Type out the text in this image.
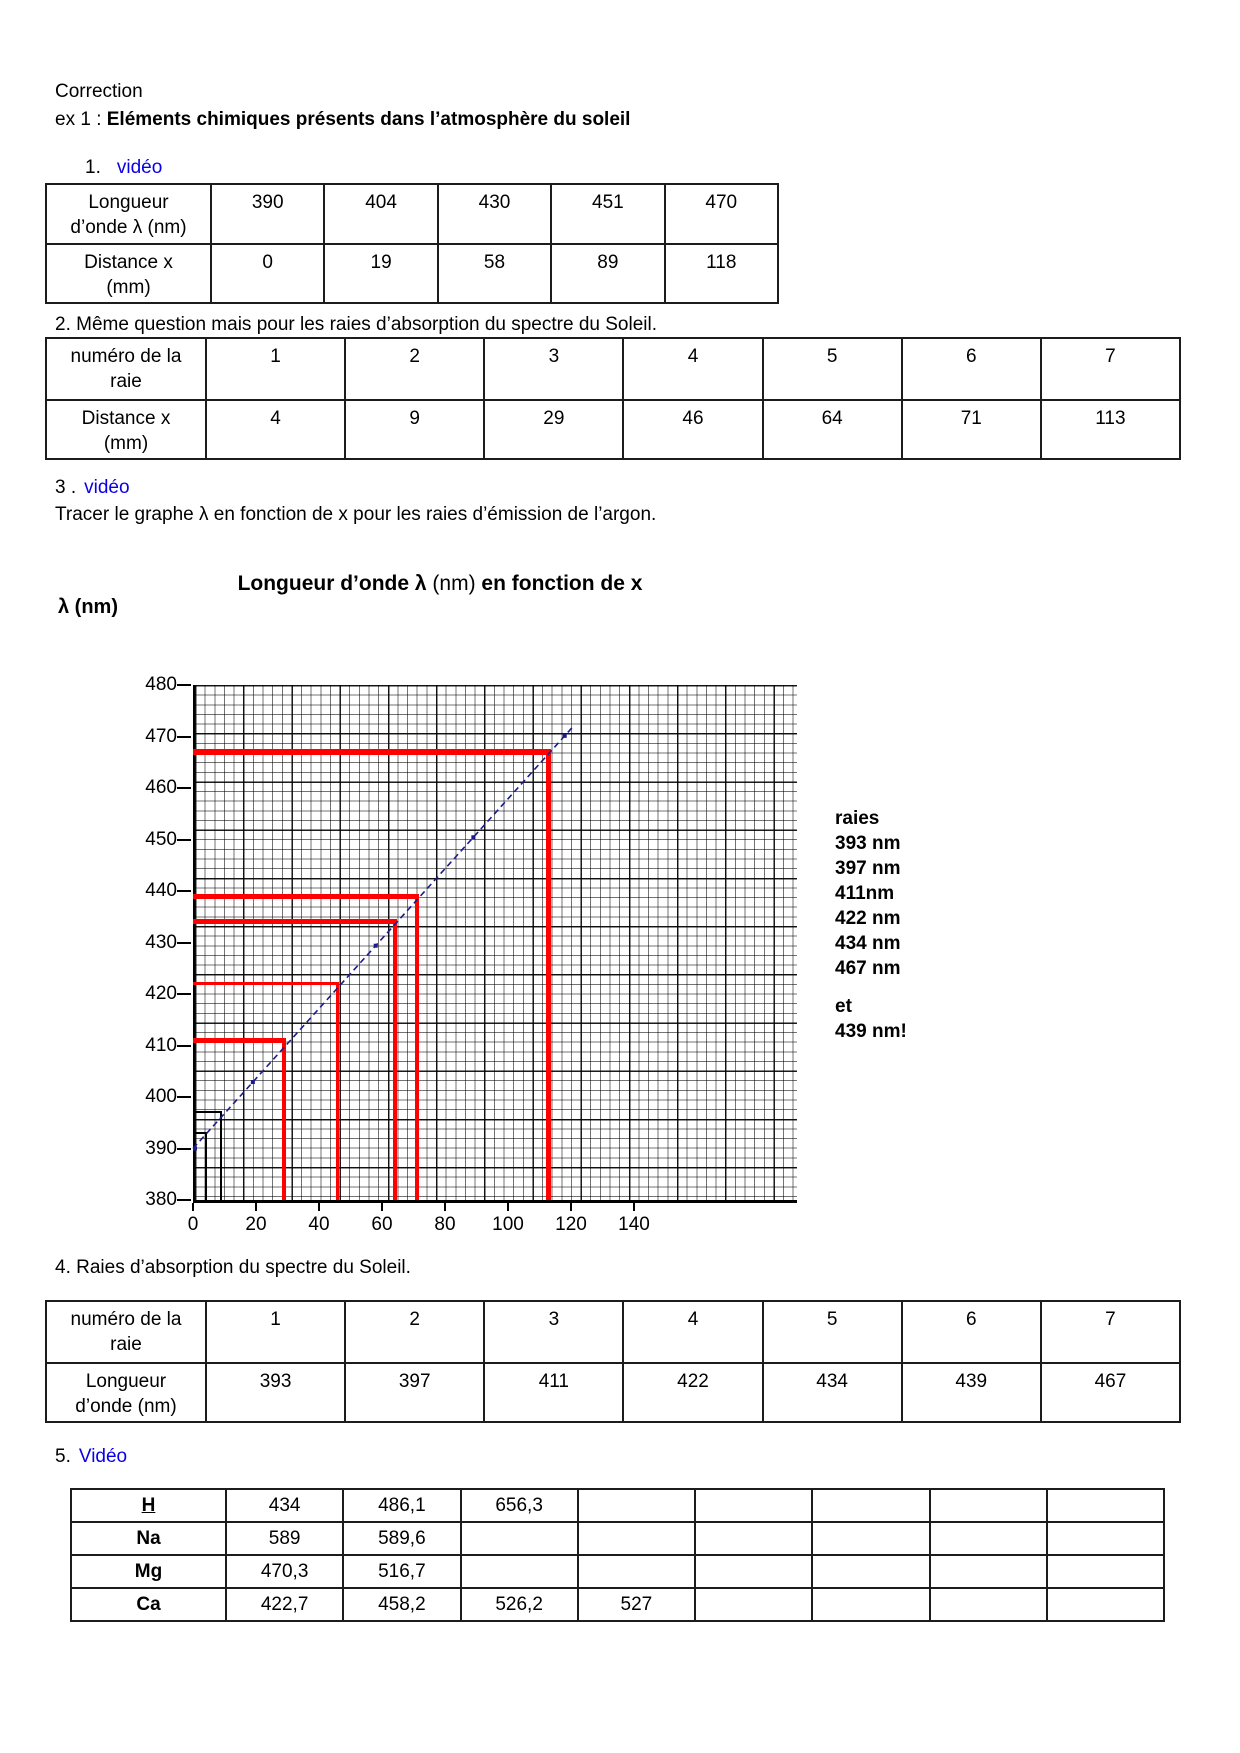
Correction
ex 1 : Eléments chimiques présents dans l’atmosphère du soleil
1. vidéo
Longueur
d’onde λ (nm)	390	404	430	451	470

Distance x
(mm)	0	19	58	89	118
2. Même question mais pour les raies d’absorption du spectre du Soleil.
numéro de la
raie	1	2	3	4	5	6	7

Distance x
(mm)	4	9	29	46	64	71	113
3 . vidéo
Tracer le graphe λ en fonction de x pour les raies d’émission de l’argon.
Longueur d’onde λ (nm) en fonction de x
λ (nm)
480
470
460
450
440
430
420
410
400
390
380
0	20	40	60	80	100	120	140
raies
393 nm
397 nm
411nm
422 nm
434 nm
467 nm
et
439 nm!
4. Raies d’absorption du spectre du Soleil.
numéro de la
raie	1	2	3	4	5	6	7

Longueur
d’onde (nm)	393	397	411	422	434	439	467
5. Vidéo
H	434	486,1	656,3					
Na	589	589,6						
Mg	470,3	516,7						
Ca	422,7	458,2	526,2	527				
